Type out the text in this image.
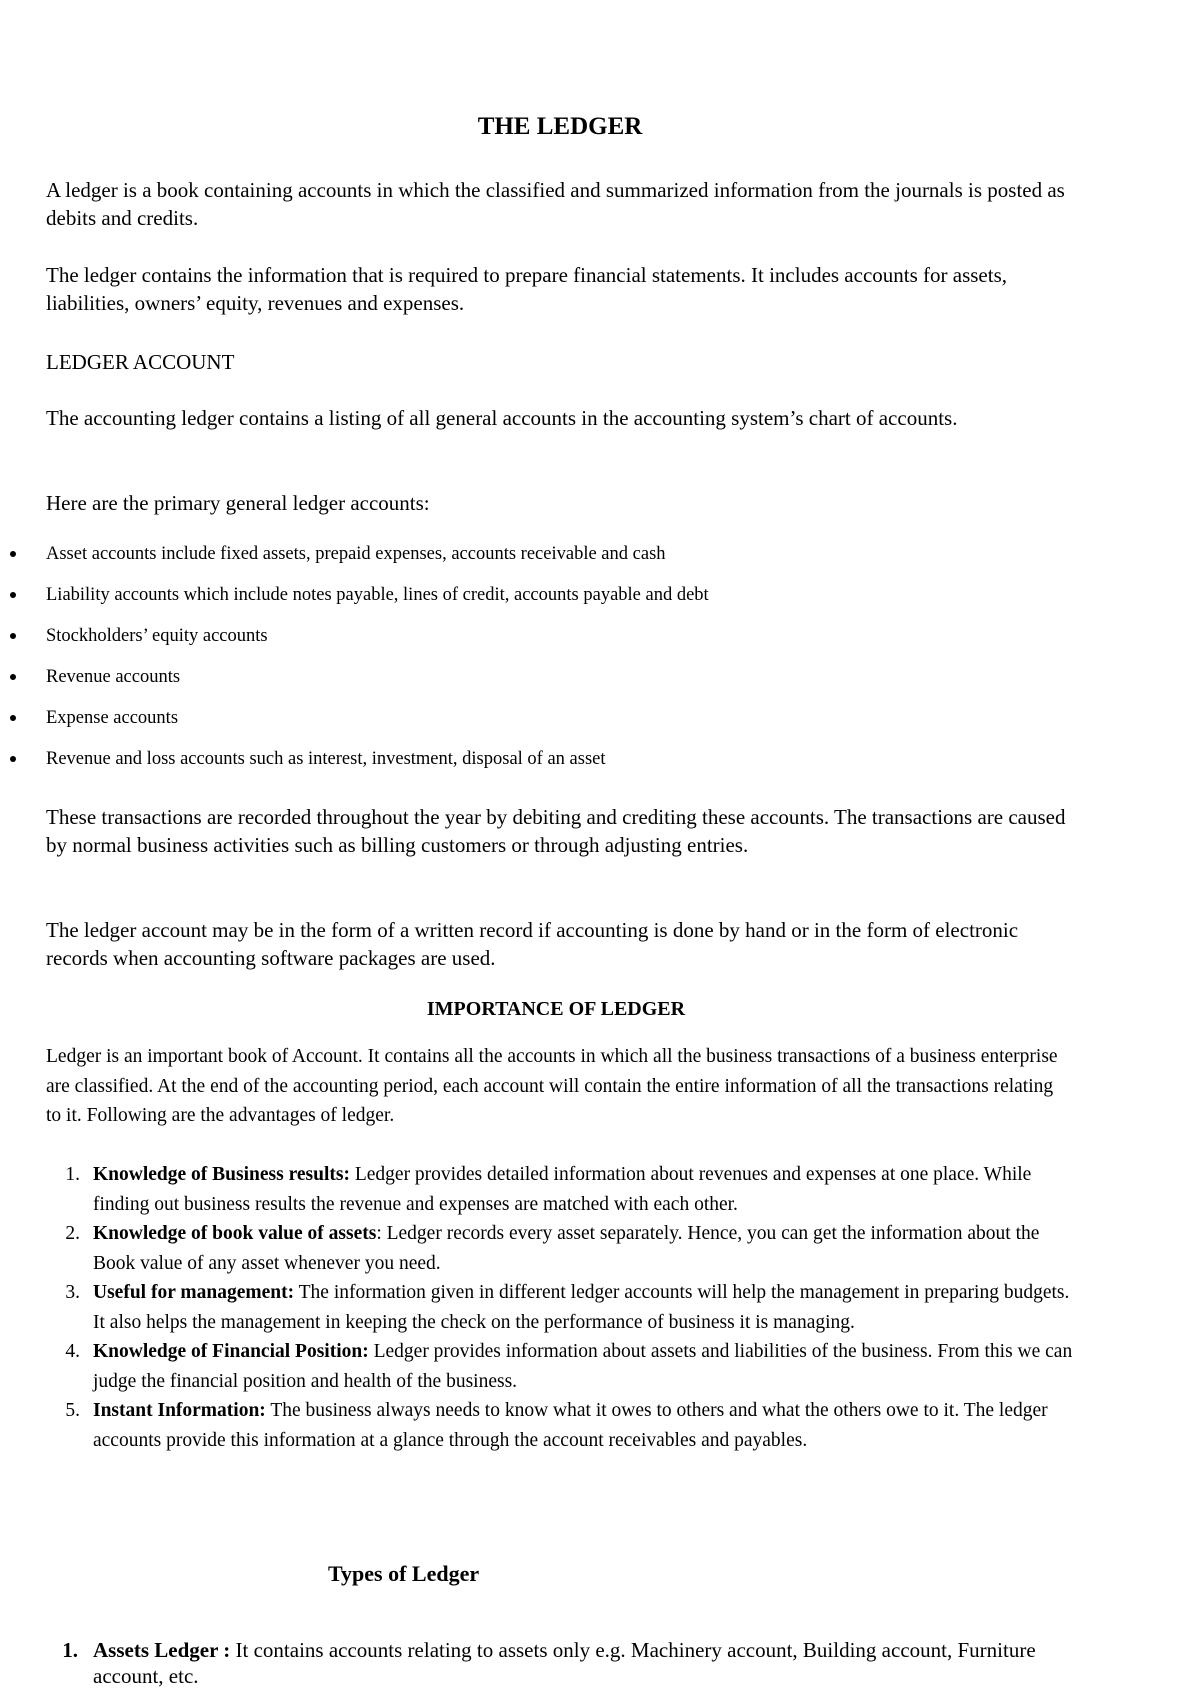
THE LEDGER

A ledger is a book containing accounts in which the classified and summarized information from the journals is posted as debits and credits.

The ledger contains the information that is required to prepare financial statements. It includes accounts for assets, liabilities, owners’ equity, revenues and expenses.

LEDGER ACCOUNT

The accounting ledger contains a listing of all general accounts in the accounting system’s chart of accounts.

Here are the primary general ledger accounts:

Asset accounts include fixed assets, prepaid expenses, accounts receivable and cash
Liability accounts which include notes payable, lines of credit, accounts payable and debt
Stockholders’ equity accounts
Revenue accounts
Expense accounts
Revenue and loss accounts such as interest, investment, disposal of an asset

These transactions are recorded throughout the year by debiting and crediting these accounts. The transactions are caused by normal business activities such as billing customers or through adjusting entries.

The ledger account may be in the form of a written record if accounting is done by hand or in the form of electronic records when accounting software packages are used.

IMPORTANCE OF LEDGER

Ledger is an important book of Account. It contains all the accounts in which all the business transactions of a business enterprise are classified. At the end of the accounting period, each account will contain the entire information of all the transactions relating to it. Following are the advantages of ledger.

1. Knowledge of Business results: Ledger provides detailed information about revenues and expenses at one place. While finding out business results the revenue and expenses are matched with each other.
2. Knowledge of book value of assets: Ledger records every asset separately. Hence, you can get the information about the Book value of any asset whenever you need.
3. Useful for management: The information given in different ledger accounts will help the management in preparing budgets. It also helps the management in keeping the check on the performance of business it is managing.
4. Knowledge of Financial Position: Ledger provides information about assets and liabilities of the business. From this we can judge the financial position and health of the business.
5. Instant Information: The business always needs to know what it owes to others and what the others owe to it. The ledger accounts provide this information at a glance through the account receivables and payables.
Types of Ledger
1. Assets Ledger : It contains accounts relating to assets only e.g. Machinery account, Building account, Furniture account, etc.
